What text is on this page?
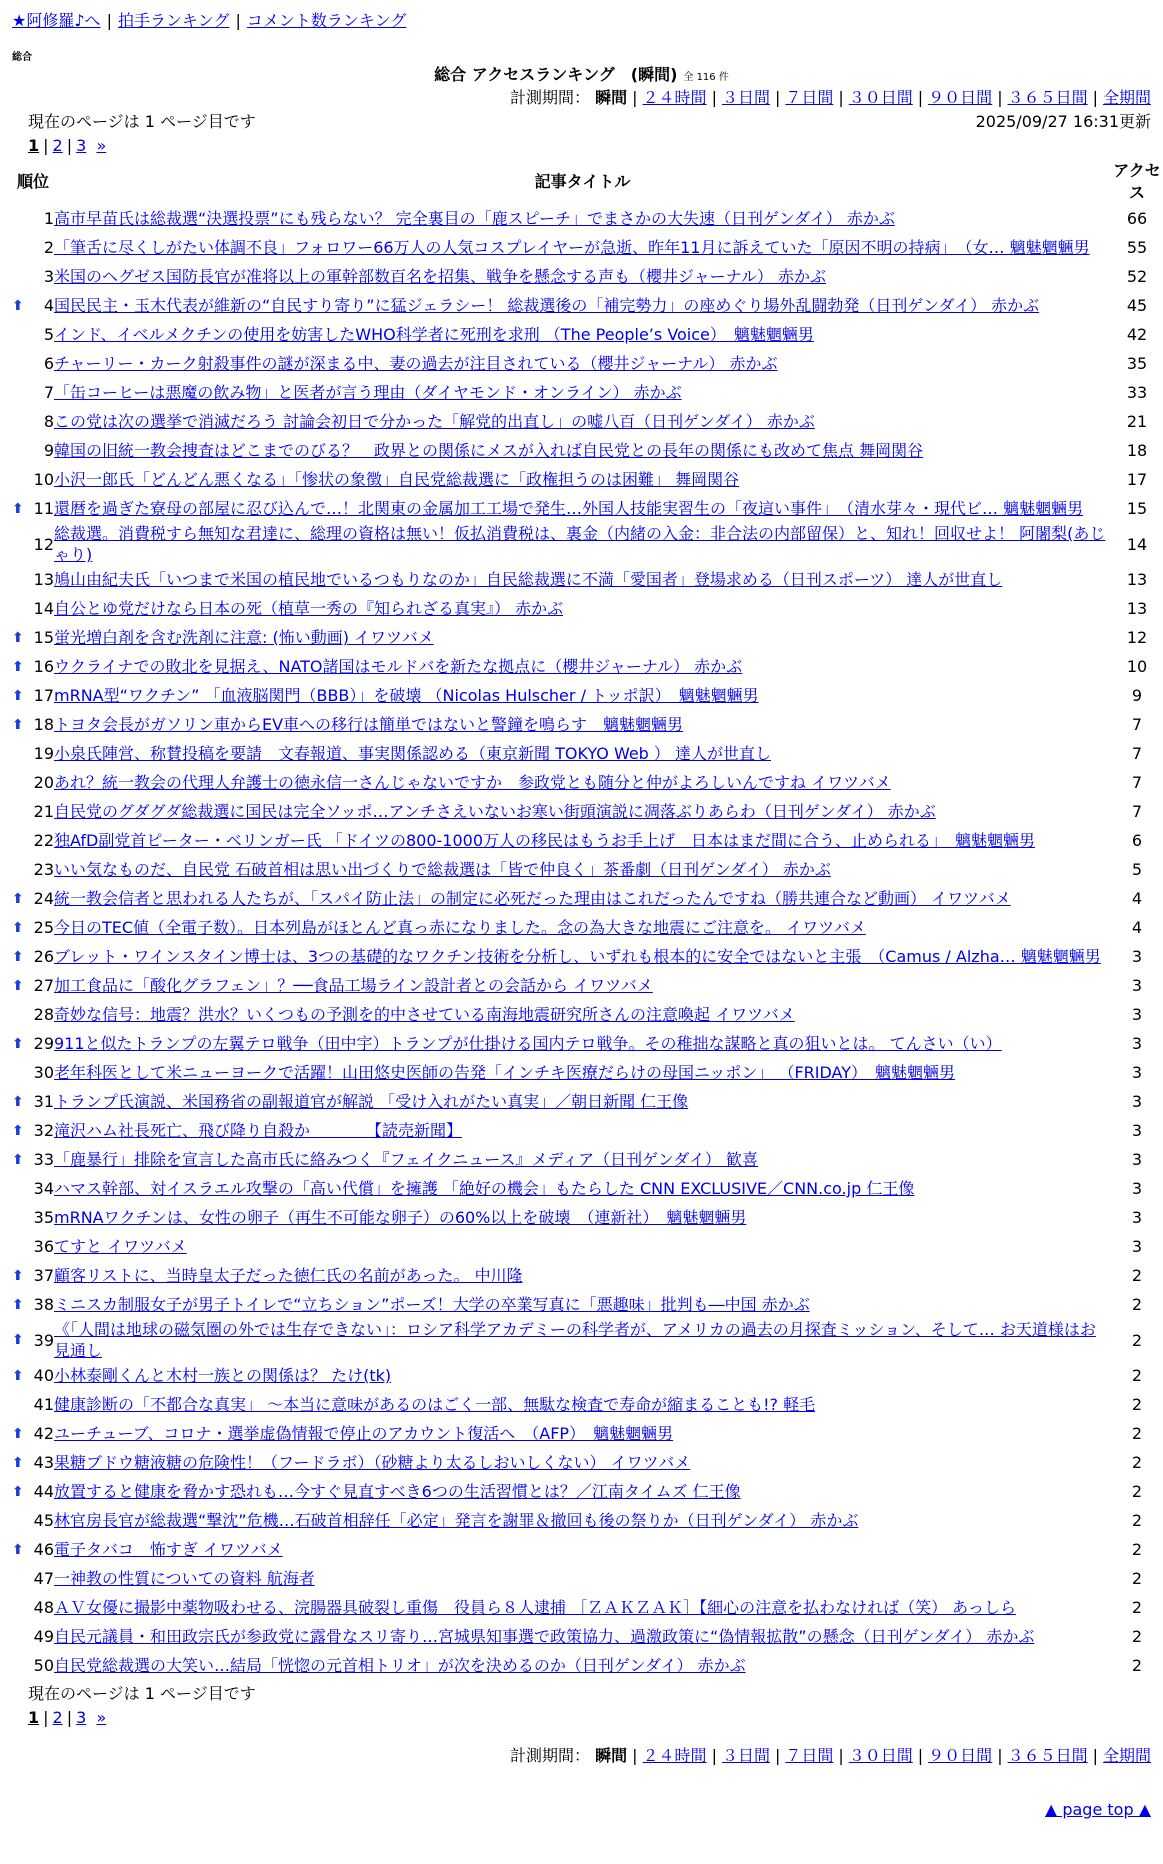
★阿修羅♪へ | 拍手ランキング | コメント数ランキング
総合
総合 アクセスランキング　(瞬間) 全 116 件
計測期間： 瞬間 | ２４時間 | ３日間 | ７日間 | ３０日間 | ９０日間 | ３６５日間 | 全期間
現在のページは 1 ページ目です	2025/09/27 16:31更新
1 | 2 | 3 »
順位	記事タイトル	アクセス
1	高市早苗氏は総裁選“決選投票”にも残らない？ 完全裏目の「鹿スピーチ」でまさかの大失速（日刊ゲンダイ） 赤かぶ	66
2	「筆舌に尽くしがたい体調不良」フォロワー66万人の人気コスプレイヤーが急逝、昨年11月に訴えていた「原因不明の持病」　（女… 魑魅魍魎男	55
3	米国のヘグゼス国防長官が准将以上の軍幹部数百名を招集、戦争を懸念する声も（櫻井ジャーナル） 赤かぶ	52

⬆ 4	国民民主・玉木代表が維新の“自民すり寄り”に猛ジェラシー！ 総裁選後の「補完勢力」の座めぐり場外乱闘勃発（日刊ゲンダイ） 赤かぶ	45
5	インド、イベルメクチンの使用を妨害したWHO科学者に死刑を求刑 （The People’s Voice）　魑魅魍魎男	42
6	チャーリー・カーク射殺事件の謎が深まる中、妻の過去が注目されている（櫻井ジャーナル） 赤かぶ	35
7	「缶コーヒーは悪魔の飲み物」と医者が言う理由（ダイヤモンド・オンライン） 赤かぶ	33
8	この党は次の選挙で消滅だろう 討論会初日で分かった「解党的出直し」の嘘八百（日刊ゲンダイ） 赤かぶ	21
9	韓国の旧統一教会捜査はどこまでのびる？　政界との関係にメスが入れば自民党との長年の関係にも改めて焦点 舞岡関谷	18
10	小沢一郎氏「どんどん悪くなる」「惨状の象徴」自民党総裁選に「政権担うのは困難」 舞岡関谷	17

⬆ 11	還暦を過ぎた寮母の部屋に忍び込んで…！北関東の金属加工工場で発生…外国人技能実習生の「夜這い事件」　（清水芽々・現代ビ… 魑魅魍魎男	15
12	総裁選。消費税すら無知な君達に、総理の資格は無い！仮払消費税は、裏金（内緒の入金：非合法の内部留保）と、知れ！回収せよ！ 阿闍梨(あじゃり)	14
13	鳩山由紀夫氏「いつまで米国の植民地でいるつもりなのか」自民総裁選に不満「愛国者」登場求める（日刊スポーツ） 達人が世直し	13
14	自公とゆ党だけなら日本の死（植草一秀の『知られざる真実』） 赤かぶ	13

⬆ 15	蛍光増白剤を含む洗剤に注意: (怖い動画) イワツバメ	12

⬆ 16	ウクライナでの敗北を見据え、NATO諸国はモルドバを新たな拠点に（櫻井ジャーナル） 赤かぶ	10

⬆ 17	mRNA型“ワクチン” 「血液脳関門（BBB）」を破壊 （Nicolas Hulscher / トッポ訳）　魑魅魍魎男	9

⬆ 18	トヨタ会長がガソリン車からEV車への移行は簡単ではないと警鐘を鳴らす　魑魅魍魎男	7
19	小泉氏陣営、称賛投稿を要請　文春報道、事実関係認める（東京新聞 TOKYO Web ） 達人が世直し	7
20	あれ？統一教会の代理人弁護士の徳永信一さんじゃないですか　参政党とも随分と仲がよろしいんですね イワツバメ	7
21	自民党のグダグダ総裁選に国民は完全ソッポ…アンチさえいないお寒い街頭演説に凋落ぶりあらわ（日刊ゲンダイ） 赤かぶ	7
22	独AfD副党首ピーター・ベリンガー氏 「ドイツの800-1000万人の移民はもうお手上げ　日本はまだ間に合う、止められる」　魑魅魍魎男	6
23	いい気なものだ、自民党 石破首相は思い出づくりで総裁選は「皆で仲良く」茶番劇（日刊ゲンダイ） 赤かぶ	5

⬆ 24	統一教会信者と思われる人たちが、「スパイ防止法」の制定に必死だった理由はこれだったんですね（勝共連合など動画） イワツバメ	4

⬆ 25	今日のTEC値（全電子数）。日本列島がほとんど真っ赤になりました。念の為大きな地震にご注意を。 イワツバメ	4

⬆ 26	ブレット・ワインスタイン博士は、3つの基礎的なワクチン技術を分析し、いずれも根本的に安全ではないと主張　（Camus / Alzha… 魑魅魍魎男	3

⬆ 27	加工食品に「酸化グラフェン」？──食品工場ライン設計者との会話から イワツバメ	3
28	奇妙な信号：地震？洪水？いくつもの予測を的中させている南海地震研究所さんの注意喚起 イワツバメ	3

⬆ 29	911と似たトランプの左翼テロ戦争（田中宇）トランプが仕掛ける国内テロ戦争。その稚拙な謀略と真の狙いとは。 てんさい（い）	3
30	老年科医として米ニューヨークで活躍！山田悠史医師の告発「インチキ医療だらけの母国ニッポン」 （FRIDAY）　魑魅魍魎男	3

⬆ 31	トランプ氏演説、米国務省の副報道官が解説 「受け入れがたい真実」／朝日新聞 仁王像	3

⬆ 32	滝沢ハム社長死亡、飛び降り自殺か　　　　【読売新聞】	3

⬆ 33	「鹿暴行」排除を宣言した高市氏に絡みつく『フェイクニュース』メディア（日刊ゲンダイ） 歓喜	3
34	ハマス幹部、対イスラエル攻撃の「高い代償」を擁護 「絶好の機会」もたらした CNN EXCLUSIVE／CNN.co.jp 仁王像	3
35	mRNAワクチンは、女性の卵子（再生不可能な卵子）の60%以上を破壊　（連新社）　魑魅魍魎男	3
36	てすと イワツバメ	3

⬆ 37	顧客リストに、当時皇太子だった徳仁氏の名前があった。 中川隆	2

⬆ 38	ミニスカ制服女子が男子トイレで“立ちション”ポーズ！大学の卒業写真に「悪趣味」批判も―中国 赤かぶ	2

⬆ 39	《「人間は地球の磁気圏の外では生存できない」：ロシア科学アカデミーの科学者が、アメリカの過去の月探査ミッション、そして… お天道様はお見通し	2

⬆ 40	小林泰剛くんと木村一族との関係は？ たけ(tk)	2
41	健康診断の「不都合な真実」 ～本当に意味があるのはごく一部、無駄な検査で寿命が縮まることも!? 軽毛	2

⬆ 42	ユーチューブ、コロナ・選挙虚偽情報で停止のアカウント復活へ　（AFP）　魑魅魍魎男	2

⬆ 43	果糖ブドウ糖液糖の危険性！（フードラボ）（砂糖より太るしおいしくない） イワツバメ	2

⬆ 44	放置すると健康を脅かす恐れも…今すぐ見直すべき6つの生活習慣とは？／江南タイムズ 仁王像	2
45	林官房長官が総裁選“撃沈”危機…石破首相辞任「必定」発言を謝罪＆撤回も後の祭りか（日刊ゲンダイ） 赤かぶ	2

⬆ 46	電子タバコ　怖すぎ イワツバメ	2
47	一神教の性質についての資料 航海者	2
48	ＡＶ女優に撮影中薬物吸わせる、浣腸器具破裂し重傷　役員ら８人逮捕 ［ＺＡＫＺＡＫ］【細心の注意を払わなければ（笑） あっしら	2
49	自民元議員・和田政宗氏が参政党に露骨なスリ寄り…宮城県知事選で政策協力、過激政策に“偽情報拡散”の懸念（日刊ゲンダイ） 赤かぶ	2
50	自民党総裁選の大笑い…結局「恍惚の元首相トリオ」が次を決めるのか（日刊ゲンダイ） 赤かぶ	2
現在のページは 1 ページ目です
1 | 2 | 3 »
計測期間： 瞬間 | ２４時間 | ３日間 | ７日間 | ３０日間 | ９０日間 | ３６５日間 | 全期間
▲ page top ▲
